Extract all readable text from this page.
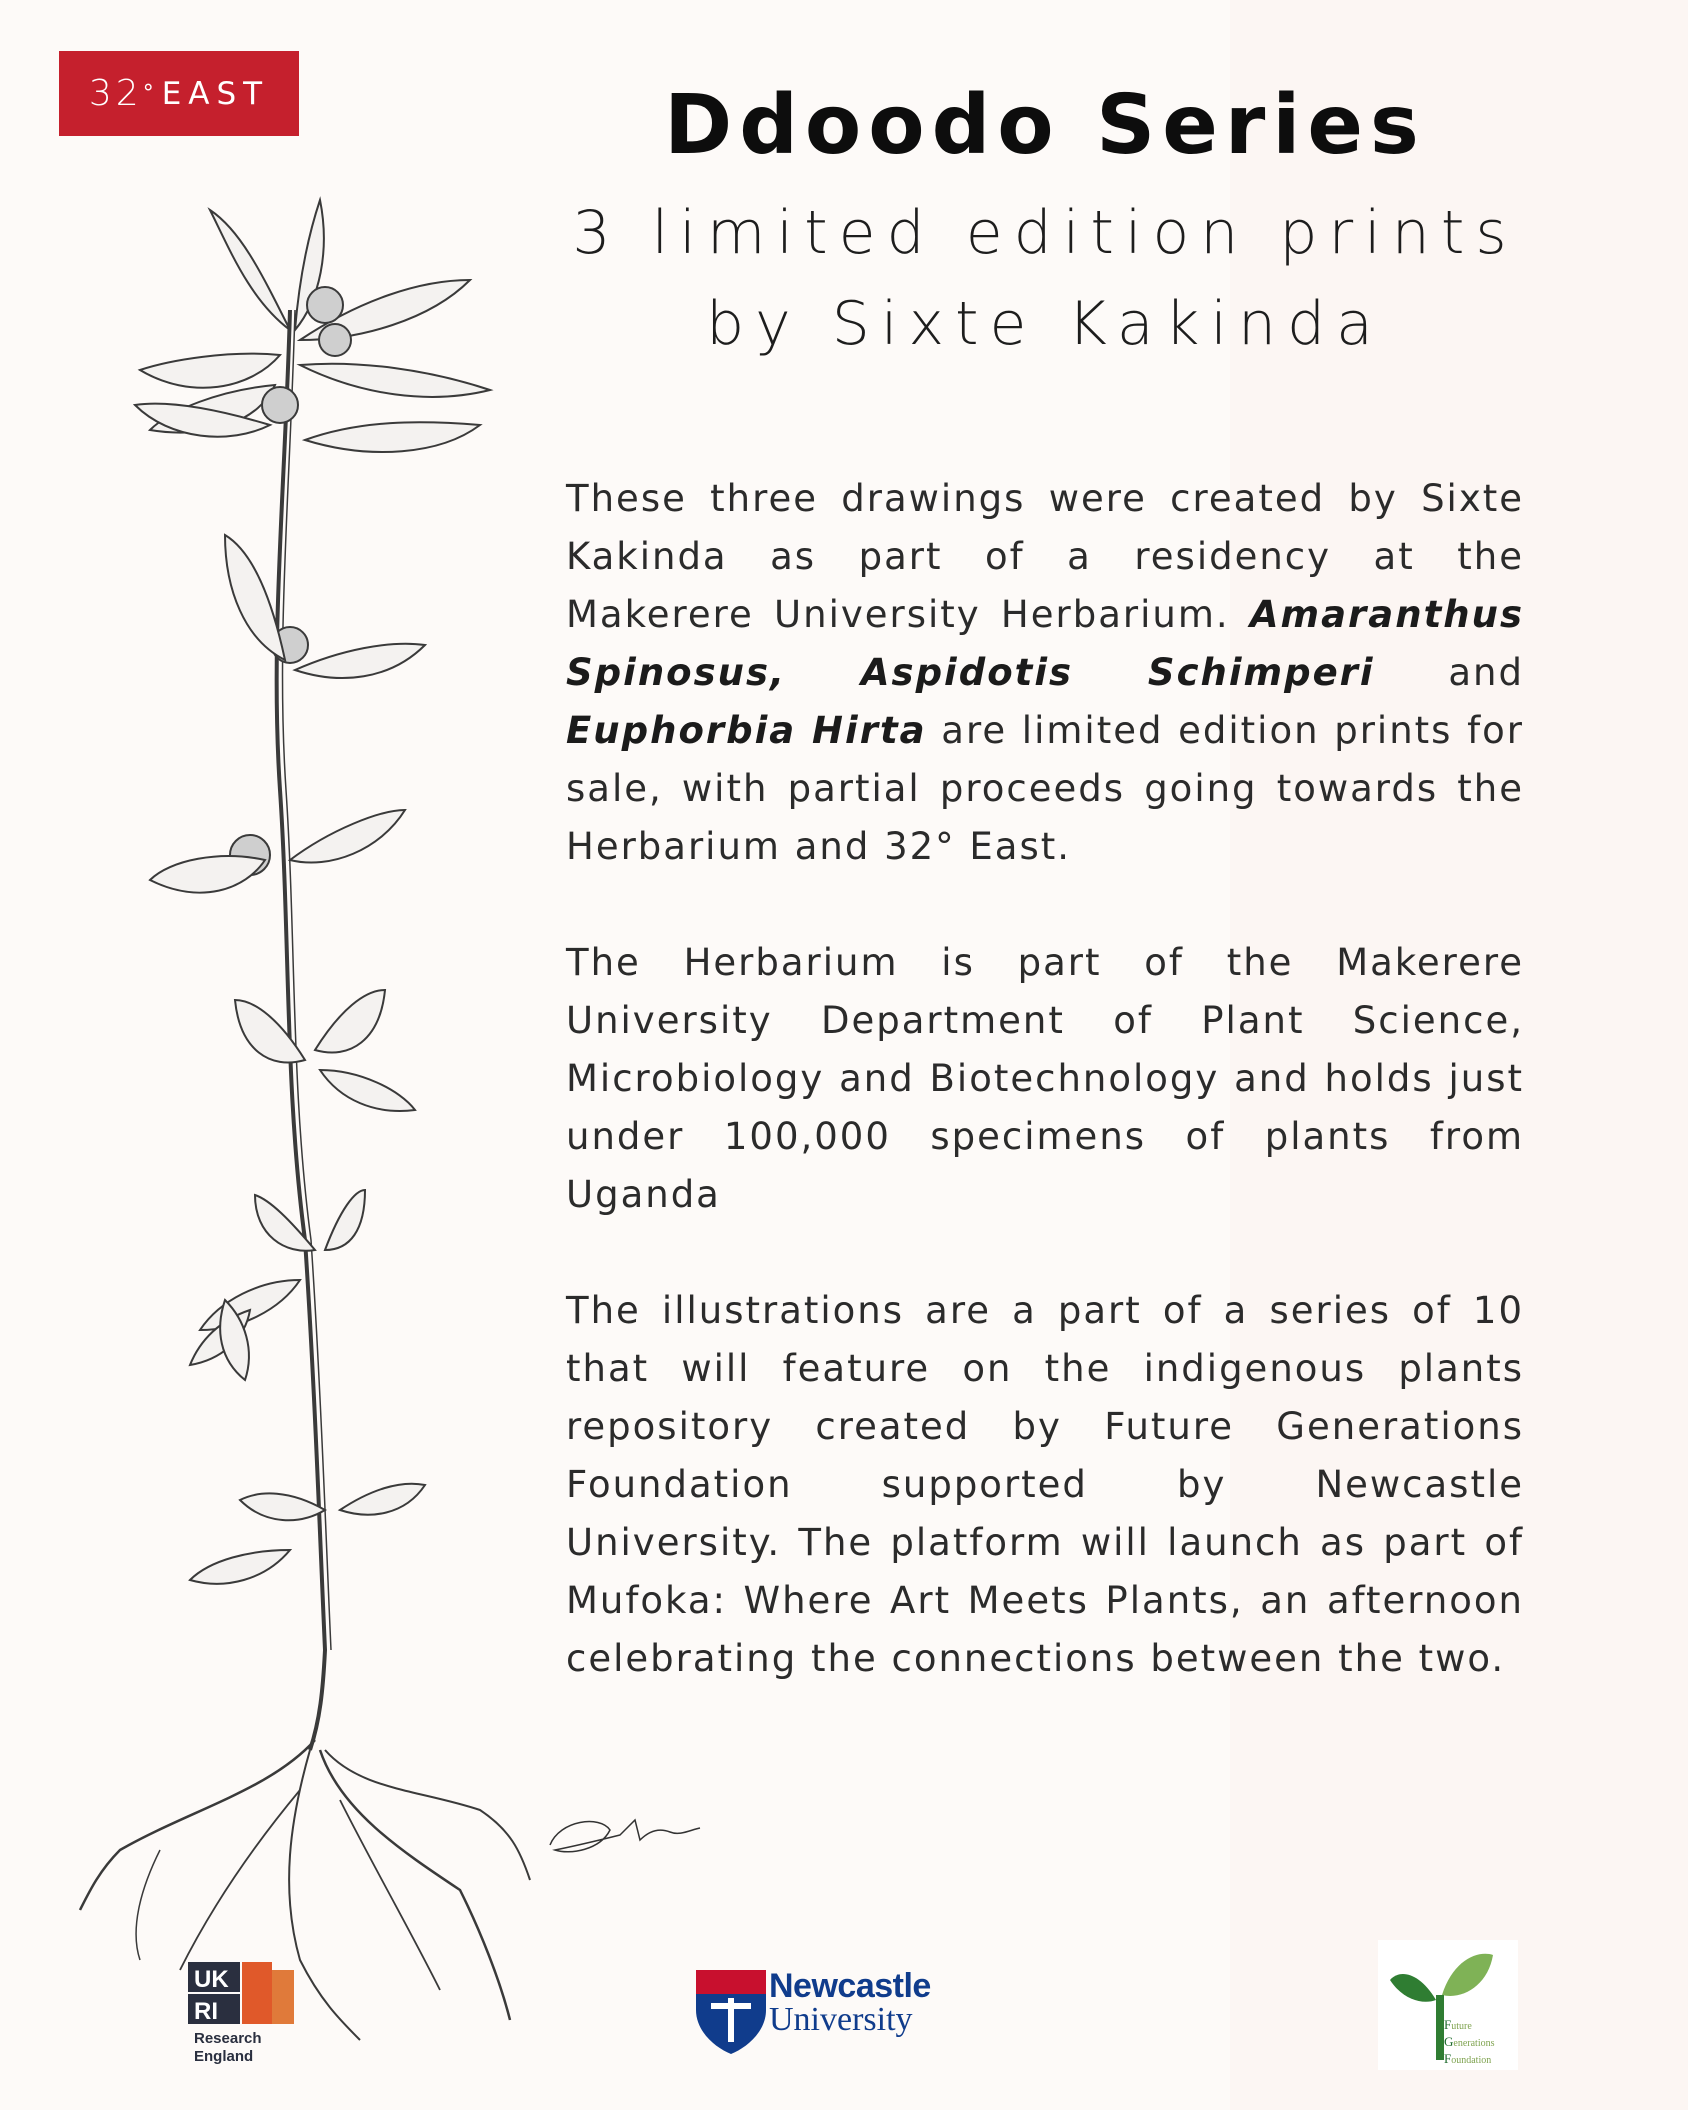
32 ° EAST	Ddoodo Series
3 limited edition prints
by Sixte Kakinda

These three drawings were created by Sixte Kakinda as part of a residency at the Makerere University Herbarium. Amaranthus Spinosus, Aspidotis Schimperi and Euphorbia Hirta are limited edition prints for sale, with partial proceeds going towards the Herbarium and 32° East.

The Herbarium is part of the Makerere University Department of Plant Science, Microbiology and Biotechnology and holds just under 100,000 specimens of plants from Uganda

The illustrations are a part of a series of 10 that will feature on the indigenous plants repository created by Future Generations Foundation supported by Newcastle University. The platform will launch as part of Mufoka: Where Art Meets Plants, an afternoon celebrating the connections between the two.

UK
RI
Research
England
Newcastle
University	Future
Generations
Foundation
